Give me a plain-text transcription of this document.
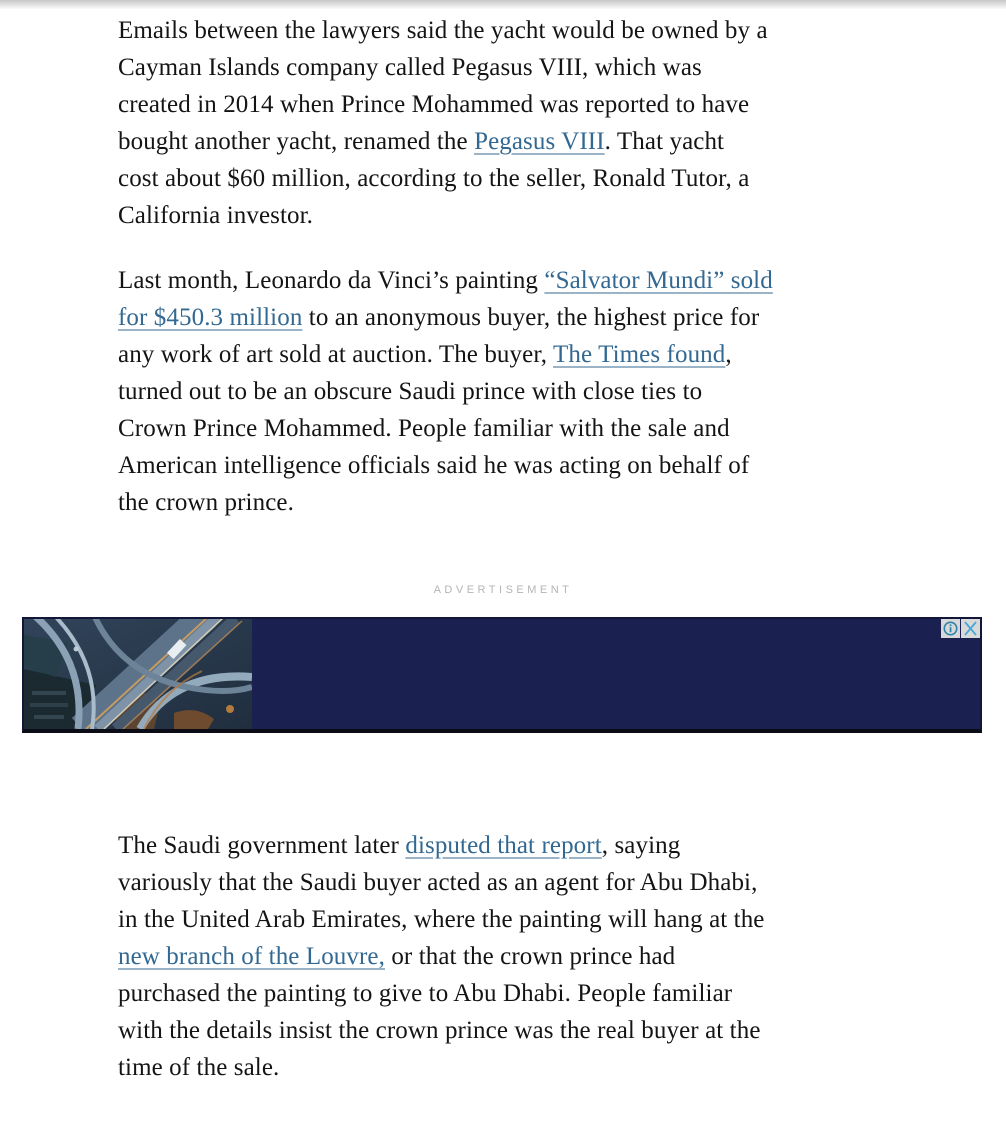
Emails between the lawyers said the yacht would be owned by a
Cayman Islands company called Pegasus VIII, which was
created in 2014 when Prince Mohammed was reported to have
bought another yacht, renamed the Pegasus VIII. That yacht
cost about $60 million, according to the seller, Ronald Tutor, a
California investor.
Last month, Leonardo da Vinci’s painting “Salvator Mundi” sold
for $450.3 million to an anonymous buyer, the highest price for
any work of art sold at auction. The buyer, The Times found,
turned out to be an obscure Saudi prince with close ties to
Crown Prince Mohammed. People familiar with the sale and
American intelligence officials said he was acting on behalf of
the crown prince.
ADVERTISEMENT
The Saudi government later disputed that report, saying
variously that the Saudi buyer acted as an agent for Abu Dhabi,
in the United Arab Emirates, where the painting will hang at the
new branch of the Louvre, or that the crown prince had
purchased the painting to give to Abu Dhabi. People familiar
with the details insist the crown prince was the real buyer at the
time of the sale.
